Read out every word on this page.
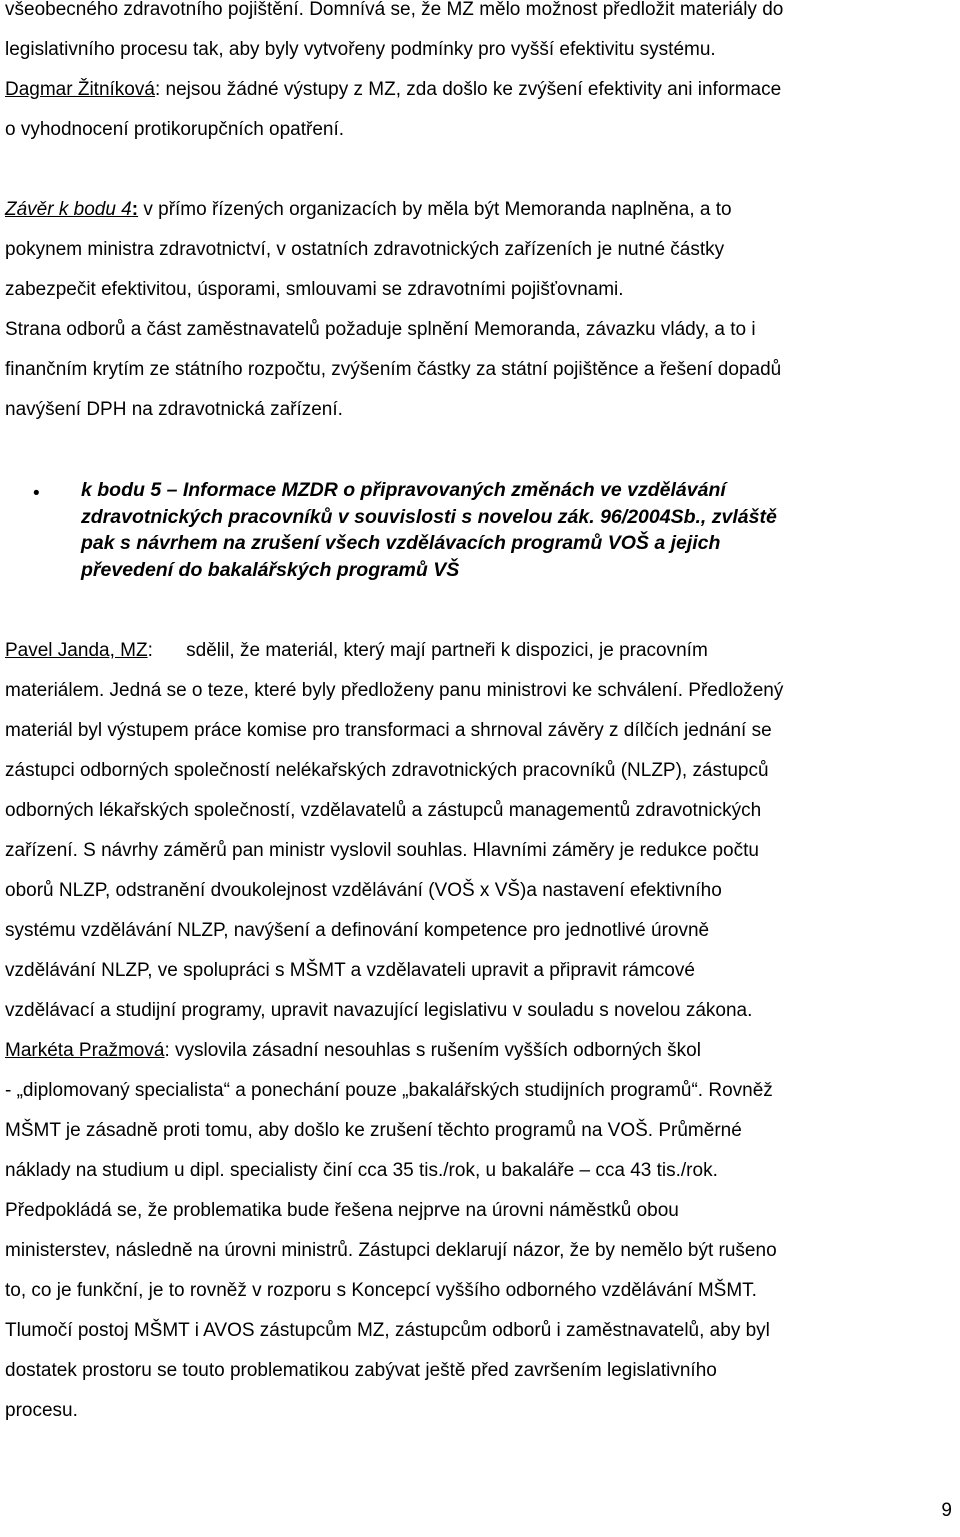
všeobecného zdravotního pojištění. Domnívá se, že MZ mělo možnost předložit materiály do

legislativního procesu tak, aby byly vytvořeny podmínky pro vyšší efektivitu systému.

Dagmar Žitníková: nejsou žádné výstupy z MZ, zda došlo ke zvýšení efektivity ani informace

o vyhodnocení protikorupčních opatření.

Závěr k bodu 4: v přímo řízených organizacích by měla být Memoranda naplněna, a to

pokynem ministra zdravotnictví, v ostatních zdravotnických zařízeních je nutné částky

zabezpečit efektivitou, úsporami, smlouvami se zdravotními pojišťovnami.

Strana odborů a část zaměstnavatelů požaduje splnění Memoranda, závazku vlády, a to i

finančním krytím ze státního rozpočtu, zvýšením částky za státní pojištěnce a řešení dopadů

navýšení DPH na zdravotnická zařízení.

• k bodu 5 – Informace MZDR o připravovaných změnách ve vzdělávání

zdravotnických pracovníků v souvislosti s novelou zák. 96/2004Sb., zvláště

pak s návrhem na zrušení všech vzdělávacích programů VOŠ a jejich

převedení do bakalářských programů VŠ

Pavel Janda, MZ: sdělil, že materiál, který mají partneři k dispozici, je pracovním

materiálem. Jedná se o teze, které byly předloženy panu ministrovi ke schválení. Předložený

materiál byl výstupem práce komise pro transformaci a shrnoval závěry z dílčích jednání se

zástupci odborných společností nelékařských zdravotnických pracovníků (NLZP), zástupců

odborných lékařských společností, vzdělavatelů a zástupců managementů zdravotnických

zařízení. S návrhy záměrů pan ministr vyslovil souhlas. Hlavními záměry je redukce počtu

oborů NLZP, odstranění dvoukolejnost vzdělávání (VOŠ x VŠ)a nastavení efektivního

systému vzdělávání NLZP, navýšení a definování kompetence pro jednotlivé úrovně

vzdělávání NLZP, ve spolupráci s MŠMT a vzdělavateli upravit a připravit rámcové

vzdělávací a studijní programy, upravit navazující legislativu v souladu s novelou zákona.

Markéta Pražmová: vyslovila zásadní nesouhlas s rušením vyšších odborných škol

- „diplomovaný specialista“ a ponechání pouze „bakalářských studijních programů“. Rovněž

MŠMT je zásadně proti tomu, aby došlo ke zrušení těchto programů na VOŠ. Průměrné

náklady na studium u dipl. specialisty činí cca 35 tis./rok, u bakaláře – cca 43 tis./rok.

Předpokládá se, že problematika bude řešena nejprve na úrovni náměstků obou

ministerstev, následně na úrovni ministrů. Zástupci deklarují názor, že by nemělo být rušeno

to, co je funkční, je to rovněž v rozporu s Koncepcí vyššího odborného vzdělávání MŠMT.

Tlumočí postoj MŠMT i AVOS zástupcům MZ, zástupcům odborů i zaměstnavatelů, aby byl

dostatek prostoru se touto problematikou zabývat ještě před završením legislativního

procesu.

9
